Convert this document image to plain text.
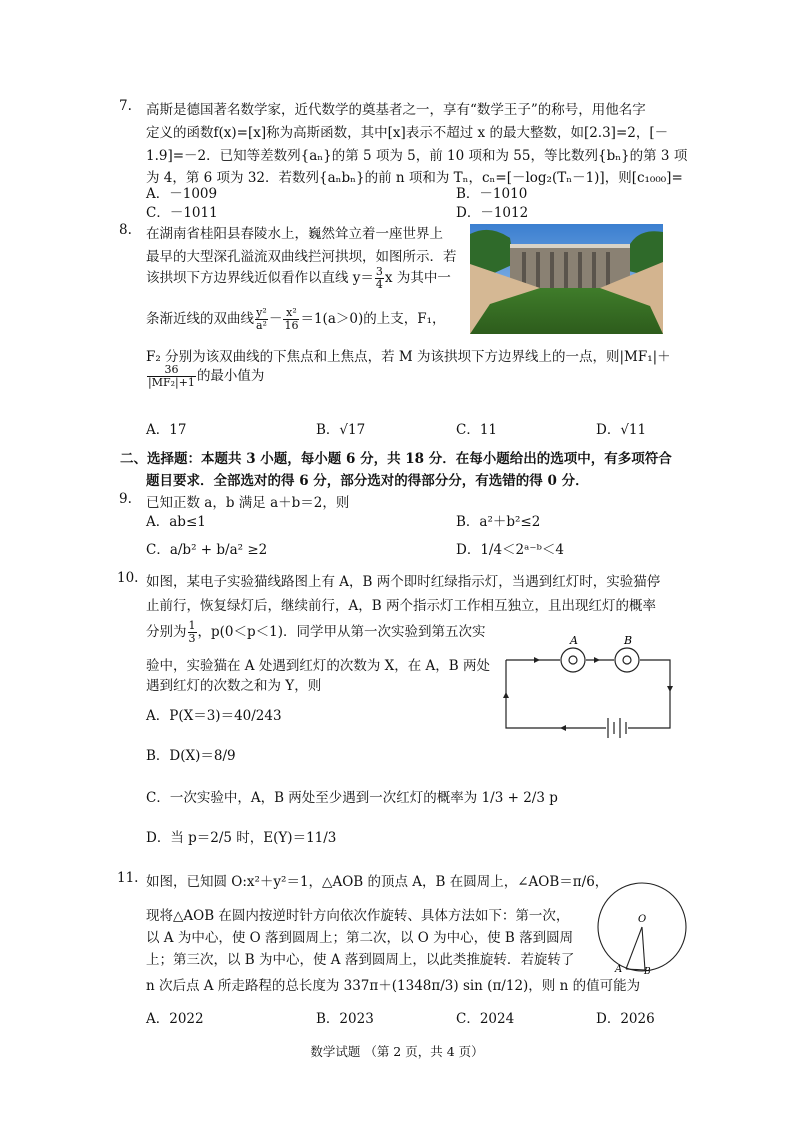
7. 高斯是德国著名数学家，近代数学的奠基者之一，享有“数学王子”的称号，用他名字
定义的函数f(x)=[x]称为高斯函数，其中[x]表示不超过 x 的最大整数，如[2.3]=2，[－
1.9]=－2．已知等差数列{aₙ}的第 5 项为 5，前 10 项和为 55，等比数列{bₙ}的第 3 项
为 4，第 6 项为 32．若数列{aₙbₙ}的前 n 项和为 Tₙ，cₙ=[－log₂(Tₙ－1)]，则[c₁₀₀₀]=
A．－1009	B．－1010
C．－1011	D．－1012
8. 在湖南省桂阳县春陵水上，巍然耸立着一座世界上
最早的大型深孔溢流双曲线拦河拱坝，如图所示．若
该拱坝下方边界线近似看作以直线 $y= \frac{3}{4}$ x 为其中一
条渐近线的双曲线 $\frac{\text{y²}}{\text{a²}} - \frac{\text{x²}}{16} =1(a>0)$的上支，F₁，
F₂ 分别为该双曲线的下焦点和上焦点，若 M 为该拱坝下方边界线上的一点，则|MF₁|＋
$\frac{36}{\text{|MF₂|+1}}$ 的最小值为
A．17	B．√17	C．11	D．√11
二、选择题：本题共 3 小题，每小题 6 分，共 18 分．在每小题给出的选项中，有多项符合
题目要求．全部选对的得 6 分，部分选对的得部分分，有选错的得 0 分．
9. 已知正数 a，b 满足 a＋b＝2，则
A．ab≤1	B．a²＋b²≤2
C．a/b² + b/a² ≥2	D．1/4＜2ᵃ⁻ᵇ＜4
10. 如图，某电子实验猫线路图上有 A，B 两个即时红绿指示灯，当遇到红灯时，实验猫停
止前行，恢复绿灯后，继续前行，A，B 两个指示灯工作相互独立，且出现红灯的概率
分别为 $\frac{1}{3}$ ，p(0＜p＜1)．同学甲从第一次实验到第五次实
验中，实验猫在 A 处遇到红灯的次数为 X，在 A，B 两处
遇到红灯的次数之和为 Y，则
A．P(X＝3)＝40/243
B．D(X)＝8/9
C．一次实验中，A，B 两处至少遇到一次红灯的概率为 1/3 + 2/3 p
D．当 p＝2/5 时，E(Y)＝11/3
A	B
11. 如图，已知圆 O:x²＋y²＝1，△AOB 的顶点 A，B 在圆周上，∠AOB＝π/6，
现将△AOB 在圆内按逆时针方向依次作旋转、具体方法如下：第一次，
以 A 为中心，使 O 落到圆周上；第二次，以 O 为中心，使 B 落到圆周
上；第三次，以 B 为中心，使 A 落到圆周上，以此类推旋转．若旋转了
n 次后点 A 所走路程的总长度为 337π＋(1348π/3) sin (π/12)，则 n 的值可能为
A．2022	B．2023	C．2024	D．2026
O
A B
数学试题 （第 2 页，共 4 页）
